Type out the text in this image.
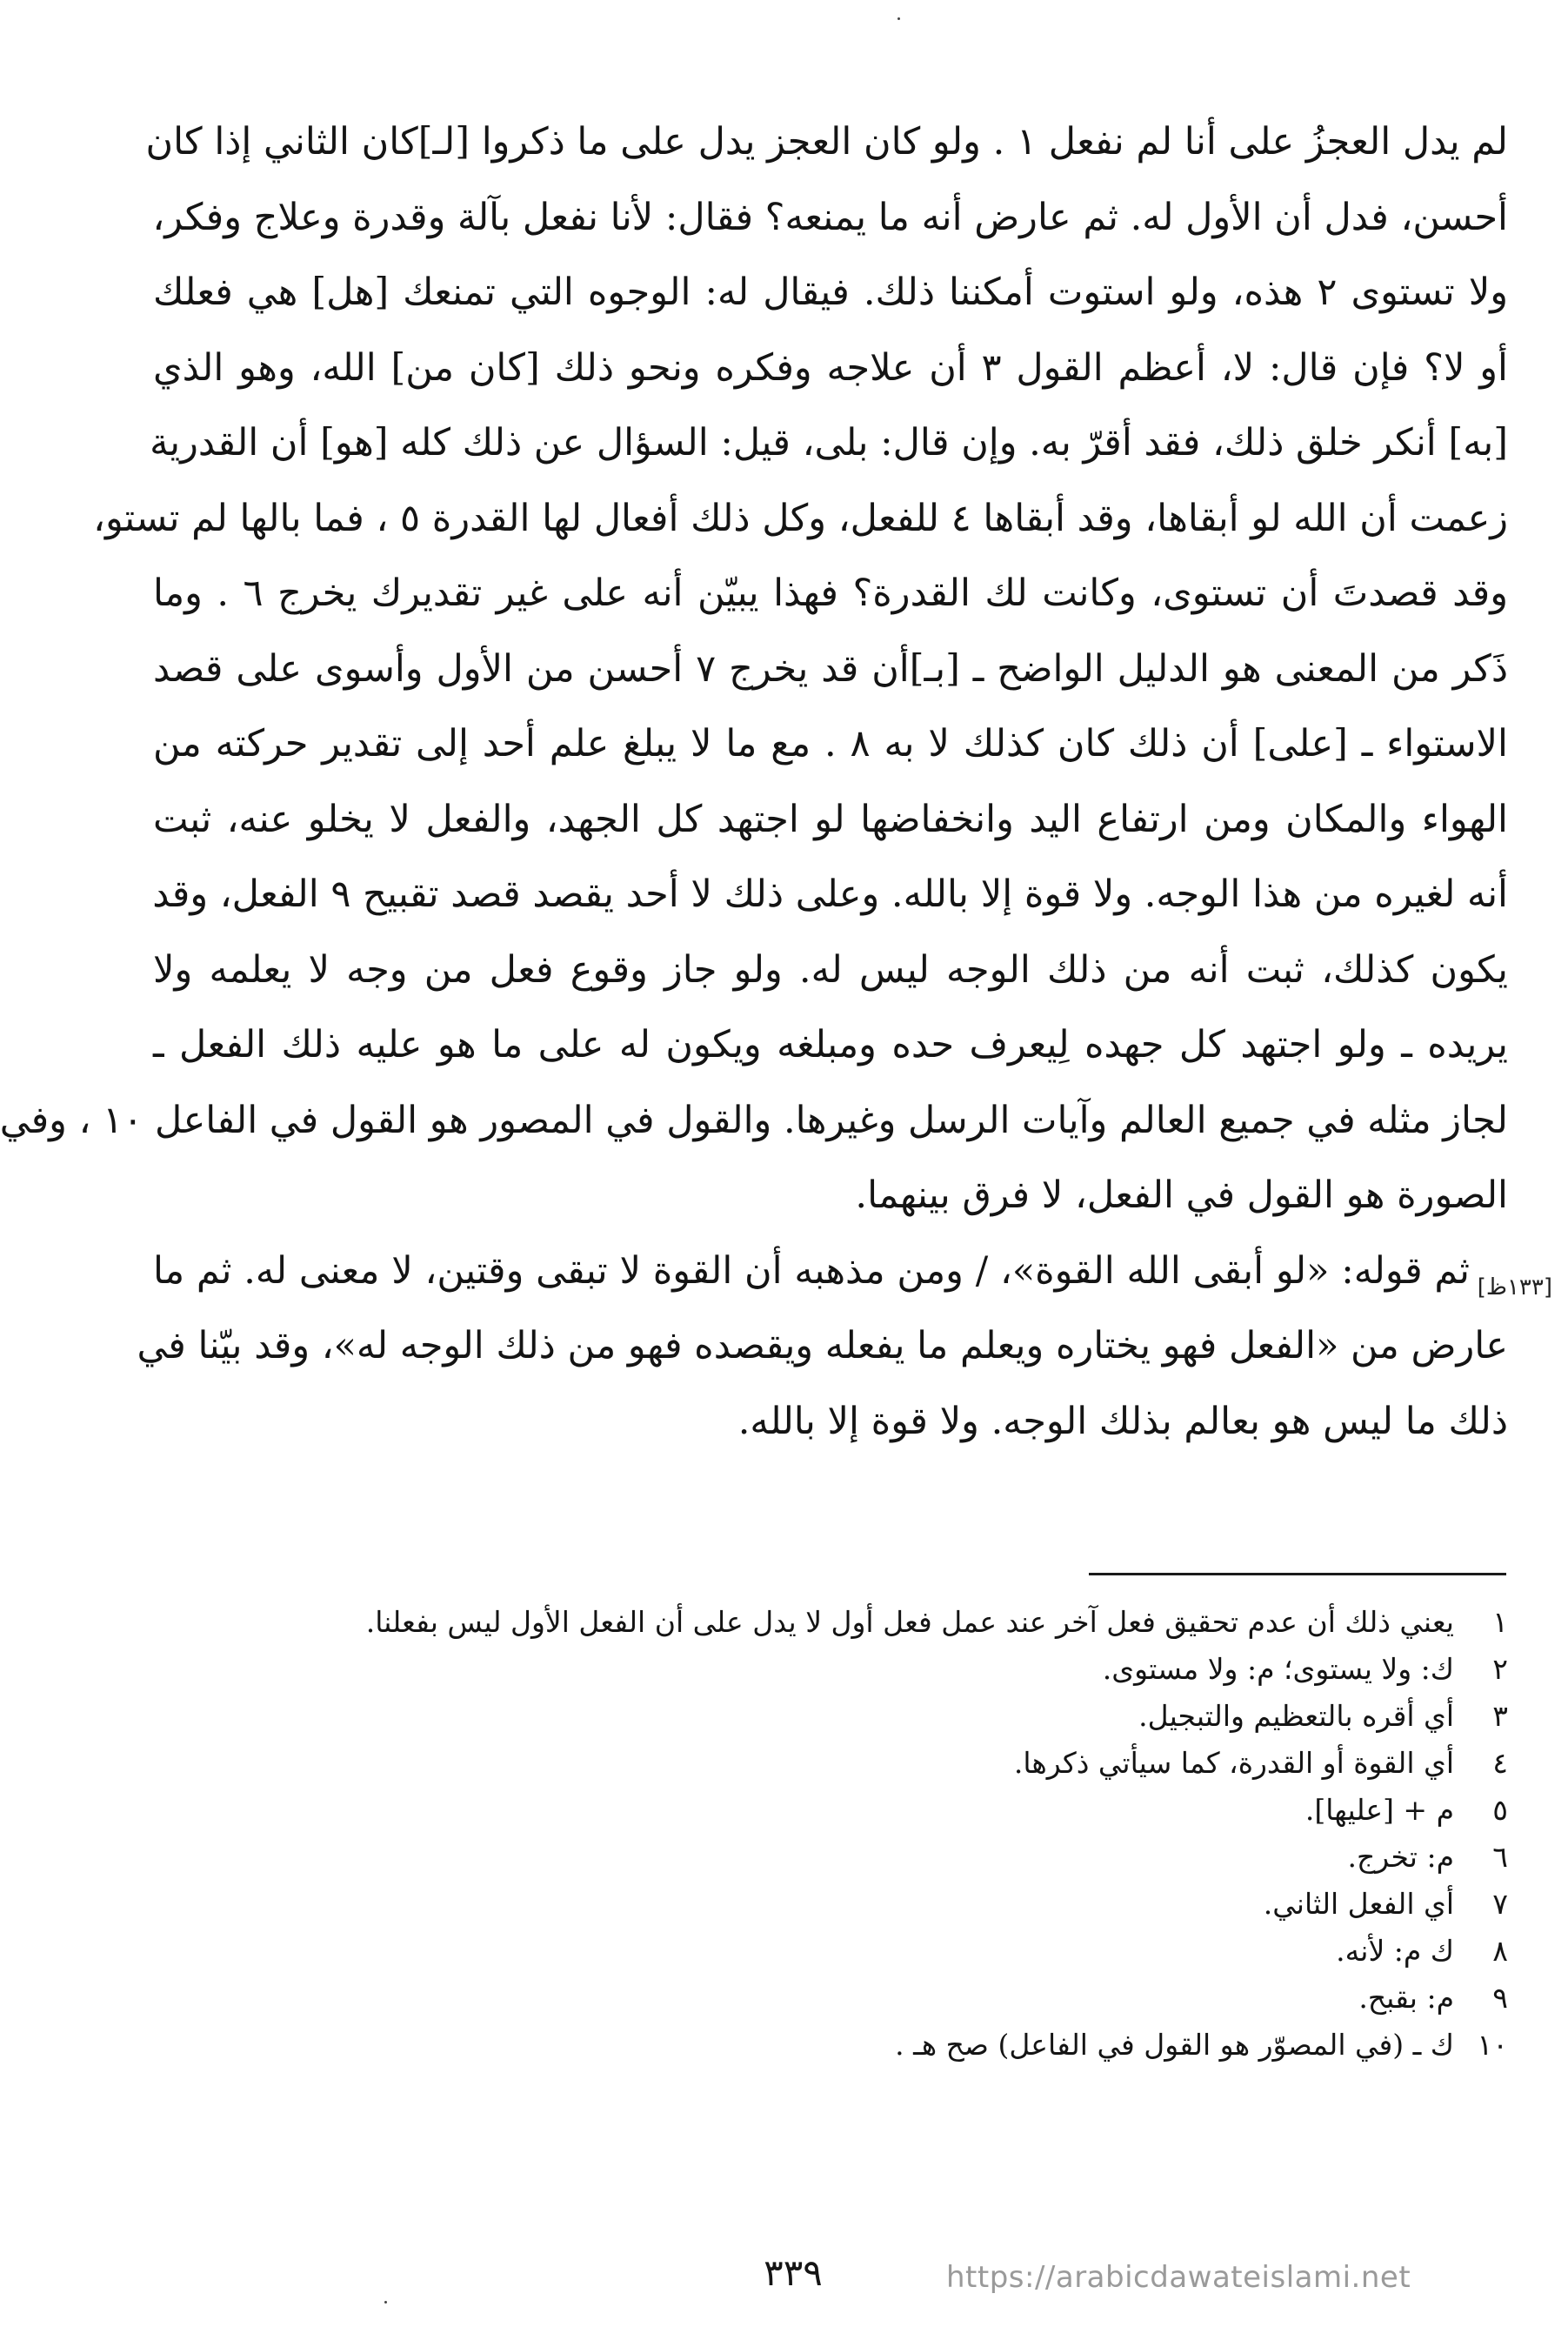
لم يدل العجزُ على أنا لم نفعل ١ . ولو كان العجز يدل على ما ذكروا [لـ]كان الثاني إذا كان
أحسن، فدل أن الأول له. ثم عارض أنه ما يمنعه؟ فقال: لأنا نفعل بآلة وقدرة وعلاج وفكر،
ولا تستوى ٢ هذه، ولو استوت أمكننا ذلك. فيقال له: الوجوه التي تمنعك [هل] هي فعلك
أو لا؟ فإن قال: لا، أعظم القول ٣ أن علاجه وفكره ونحو ذلك [كان من] الله، وهو الذي
[به] أنكر خلق ذلك، فقد أقرّ به. وإن قال: بلى، قيل: السؤال عن ذلك كله [هو] أن القدرية
زعمت أن الله لو أبقاها، وقد أبقاها ٤ للفعل، وكل ذلك أفعال لها القدرة ٥ ، فما بالها لم تستو،
وقد قصدتَ أن تستوى، وكانت لك القدرة؟ فهذا يبيّن أنه على غير تقديرك يخرج ٦ . وما
ذَكر من المعنى هو الدليل الواضح ـ [بـ]أن قد يخرج ٧ أحسن من الأول وأسوى على قصد
الاستواء ـ [على] أن ذلك كان كذلك لا به ٨ . مع ما لا يبلغ علم أحد إلى تقدير حركته من
الهواء والمكان ومن ارتفاع اليد وانخفاضها لو اجتهد كل الجهد، والفعل لا يخلو عنه، ثبت
أنه لغيره من هذا الوجه. ولا قوة إلا بالله. وعلى ذلك لا أحد يقصد قصد تقبيح ٩ الفعل، وقد
يكون كذلك، ثبت أنه من ذلك الوجه ليس له. ولو جاز وقوع فعل من وجه لا يعلمه ولا
يريده ـ ولو اجتهد كل جهده لِيعرف حده ومبلغه ويكون له على ما هو عليه ذلك الفعل ـ
لجاز مثله في جميع العالم وآيات الرسل وغيرها. والقول في المصور هو القول في الفاعل ١٠ ، وفي
الصورة هو القول في الفعل، لا فرق بينهما.
ثم قوله: «لو أبقى الله القوة»، / ومن مذهبه أن القوة لا تبقى وقتين، لا معنى له. ثم ما
عارض من «الفعل فهو يختاره ويعلم ما يفعله ويقصده فهو من ذلك الوجه له»، وقد بيّنا في
ذلك ما ليس هو بعالم بذلك الوجه. ولا قوة إلا بالله.
[١٣٣ظ]
١
يعني ذلك أن عدم تحقيق فعل آخر عند عمل فعل أول لا يدل على أن الفعل الأول ليس بفعلنا.
٢
ك: ولا يستوى؛ م: ولا مستوى.
٣
أي أقره بالتعظيم والتبجيل.
٤
أي القوة أو القدرة، كما سيأتي ذكرها.
٥
م + [عليها].
٦
م: تخرج.
٧
أي الفعل الثاني.
٨
ك م: لأنه.
٩
م: بقبح.
١٠
ك ـ (في المصوّر هو القول في الفاعل) صح هـ .
٣٣٩	https://arabicdawateislami.net
